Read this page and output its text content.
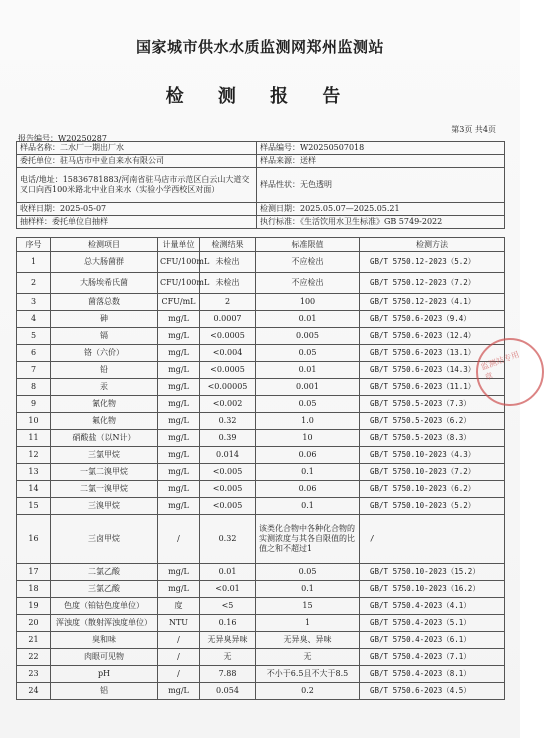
国家城市供水水质监测网郑州监测站
检 测 报 告
第3页 共4页
报告编号：W20250287
样品名称：二水厂一期出厂水	样品编号：W20250507018
委托单位：驻马店市中业自来水有限公司	样品来源：送样
电话/地址：15836781883/河南省驻马店市示范区白云山大道交叉口向西100米路北中业自来水（实验小学西校区对面）	样品性状：无色透明
收样日期：2025-05-07	检测日期：2025.05.07—2025.05.21
抽样样：委托单位自抽样	执行标准：《生活饮用水卫生标准》GB 5749-2022
序号	检测项目	计量单位	检测结果	标准限值	检测方法
1	总大肠菌群	CFU/100mL	未检出	不应检出	GB/T 5750.12-2023（5.2）
2	大肠埃希氏菌	CFU/100mL	未检出	不应检出	GB/T 5750.12-2023（7.2）
3	菌落总数	CFU/mL	2	100	GB/T 5750.12-2023（4.1）
4	砷	mg/L	0.0007	0.01	GB/T 5750.6-2023（9.4）
5	镉	mg/L	<0.0005	0.005	GB/T 5750.6-2023（12.4）
6	铬（六价）	mg/L	<0.004	0.05	GB/T 5750.6-2023（13.1）
7	铅	mg/L	<0.0005	0.01	GB/T 5750.6-2023（14.3）
8	汞	mg/L	<0.00005	0.001	GB/T 5750.6-2023（11.1）
9	氰化物	mg/L	<0.002	0.05	GB/T 5750.5-2023（7.3）
10	氟化物	mg/L	0.32	1.0	GB/T 5750.5-2023（6.2）
11	硝酸盐（以N计）	mg/L	0.39	10	GB/T 5750.5-2023（8.3）
12	三氯甲烷	mg/L	0.014	0.06	GB/T 5750.10-2023（4.3）
13	一氯二溴甲烷	mg/L	<0.005	0.1	GB/T 5750.10-2023（7.2）
14	二氯一溴甲烷	mg/L	<0.005	0.06	GB/T 5750.10-2023（6.2）
15	三溴甲烷	mg/L	<0.005	0.1	GB/T 5750.10-2023（5.2）
16	三卤甲烷	/	0.32	该类化合物中各种化合物的实测浓度与其各自限值的比值之和不超过1	/
17	二氯乙酸	mg/L	0.01	0.05	GB/T 5750.10-2023（15.2）
18	三氯乙酸	mg/L	<0.01	0.1	GB/T 5750.10-2023（16.2）
19	色度（铂钴色度单位）	度	<5	15	GB/T 5750.4-2023（4.1）
20	浑浊度（散射浑浊度单位）	NTU	0.16	1	GB/T 5750.4-2023（5.1）
21	臭和味	/	无异臭异味	无异臭、异味	GB/T 5750.4-2023（6.1）
22	肉眼可见物	/	无	无	GB/T 5750.4-2023（7.1）
23	pH	/	7.88	不小于6.5且不大于8.5	GB/T 5750.4-2023（8.1）
24	铝	mg/L	0.054	0.2	GB/T 5750.6-2023（4.5）
监测站专用章
